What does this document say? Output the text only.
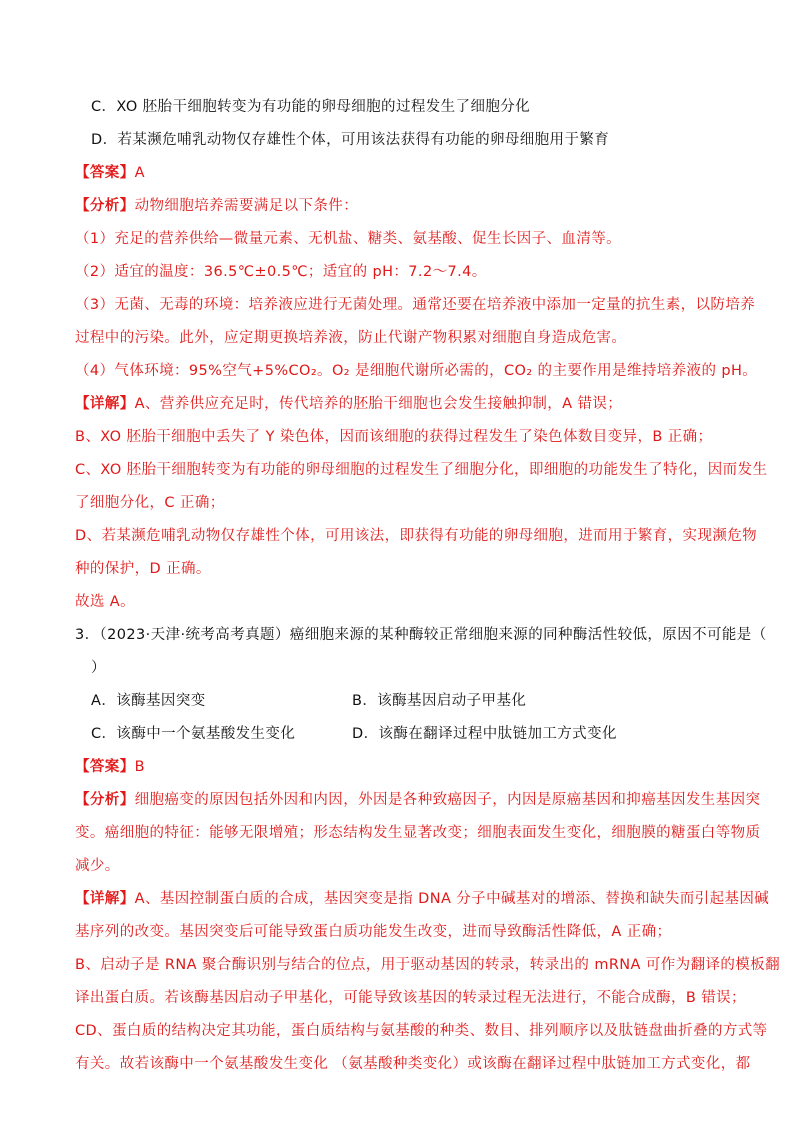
C．XO 胚胎干细胞转变为有功能的卵母细胞的过程发生了细胞分化
D．若某濒危哺乳动物仅存雄性个体，可用该法获得有功能的卵母细胞用于繁育
【答案】A
【分析】动物细胞培养需要满足以下条件：
（1）充足的营养供给—微量元素、无机盐、糖类、氨基酸、促生长因子、血清等。
（2）适宜的温度：36.5℃±0.5℃；适宜的 pH：7.2～7.4。
（3）无菌、无毒的环境：培养液应进行无菌处理。通常还要在培养液中添加一定量的抗生素，以防培养
过程中的污染。此外，应定期更换培养液，防止代谢产物积累对细胞自身造成危害。
（4）气体环境：95%空气+5%CO₂。O₂ 是细胞代谢所必需的，CO₂ 的主要作用是维持培养液的 pH。
【详解】A、营养供应充足时，传代培养的胚胎干细胞也会发生接触抑制，A 错误；
B、XO 胚胎干细胞中丢失了 Y 染色体，因而该细胞的获得过程发生了染色体数目变异，B 正确；
C、XO 胚胎干细胞转变为有功能的卵母细胞的过程发生了细胞分化，即细胞的功能发生了特化，因而发生
了细胞分化，C 正确；
D、若某濒危哺乳动物仅存雄性个体，可用该法，即获得有功能的卵母细胞，进而用于繁育，实现濒危物
种的保护，D 正确。
故选 A。
3．（2023·天津·统考高考真题）癌细胞来源的某种酶较正常细胞来源的同种酶活性较低，原因不可能是（
）
A．该酶基因突变	B．该酶基因启动子甲基化
C．该酶中一个氨基酸发生变化	D．该酶在翻译过程中肽链加工方式变化
【答案】B
【分析】细胞癌变的原因包括外因和内因，外因是各种致癌因子，内因是原癌基因和抑癌基因发生基因突
变。癌细胞的特征：能够无限增殖；形态结构发生显著改变；细胞表面发生变化，细胞膜的糖蛋白等物质
减少。
【详解】A、基因控制蛋白质的合成，基因突变是指 DNA 分子中碱基对的增添、替换和缺失而引起基因碱
基序列的改变。基因突变后可能导致蛋白质功能发生改变，进而导致酶活性降低，A 正确；
B、启动子是 RNA 聚合酶识别与结合的位点，用于驱动基因的转录，转录出的 mRNA 可作为翻译的模板翻
译出蛋白质。若该酶基因启动子甲基化，可能导致该基因的转录过程无法进行，不能合成酶，B 错误；
CD、蛋白质的结构决定其功能，蛋白质结构与氨基酸的种类、数目、排列顺序以及肽链盘曲折叠的方式等
有关。故若该酶中一个氨基酸发生变化 （氨基酸种类变化）或该酶在翻译过程中肽链加工方式变化，都
